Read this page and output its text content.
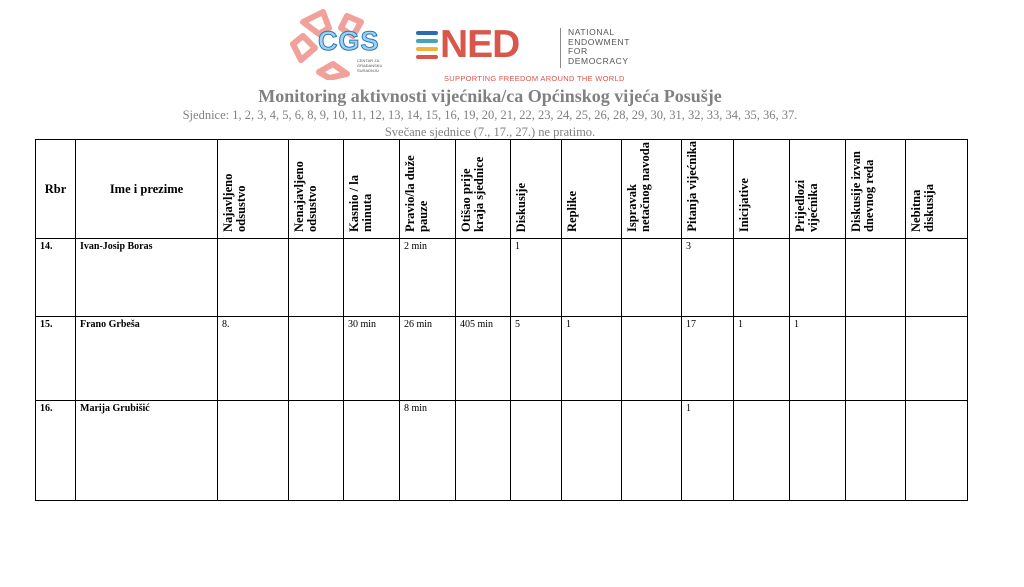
CGS
CENTAR ZA GRAĐANSKU SURADNJU
NED	NATIONAL
ENDOWMENT
FOR
DEMOCRACY
SUPPORTING FREEDOM AROUND THE WORLD
Monitoring aktivnosti vijećnika/ca Općinskog vijeća Posušje
Sjednice: 1, 2, 3, 4, 5, 6, 8, 9, 10, 11, 12, 13, 14, 15, 16, 19, 20, 21, 22, 23, 24, 25, 26, 28, 29, 30, 31, 32, 33, 34, 35, 36, 37.
Svečane sjednice (7., 17., 27.) ne pratimo.
Rbr	Ime i prezime	Najavljeno odsustvo	Nenajavljeno odsustvo	Kasnio / la minuta	Pravio/la duže pauze	Otišao prije kraja sjednice	Diskusije	Replike	Ispravak netačnog navoda	Pitanja vijećnika	Inicijative	Prijedlozi vijećnika	Diskusije izvan dnevnog reda	Nebitna diskusija

14.	Ivan-Josip Boras				2 min		1			3				
15.	Frano Grbeša	8.		30 min	26 min	405 min	5	1		17	1	1		
16.	Marija Grubišić				8 min					1				
